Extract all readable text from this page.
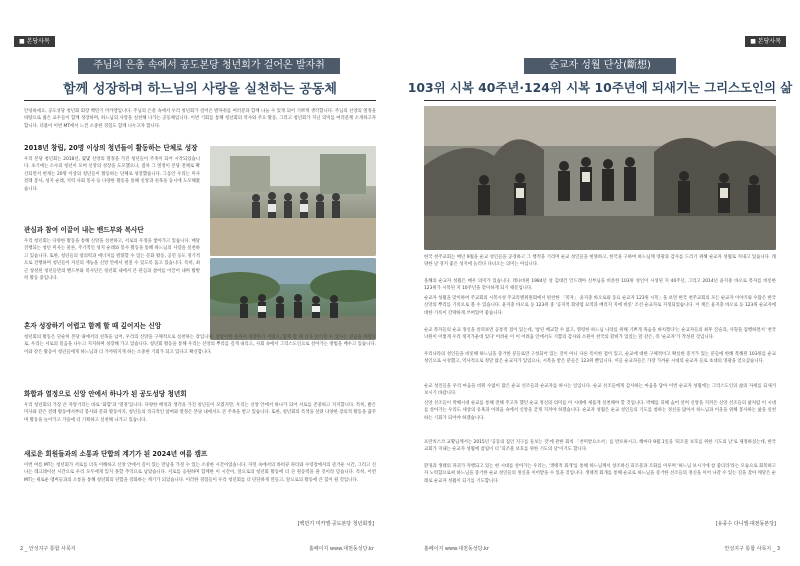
■ 본당사목
주님의 은총 속에서 공도본당 청년회가 걸어온 발자취
함께 성장하며 하느님의 사랑을 실천하는 공동체
안녕하세요, 공도성당 청년회 회장 백민기 미카엘입니다. 주님의 은총 속에서 우리 청년회가 걸어온 발자취를 여러분과 함께 나눌 수 있게 되어 기쁘게 생각합니다. 주님의 신앙의 열정을 바탕으로 젊은 교우들이 함께 성장하며, 하느님의 사랑을 실천해 나가는 공동체입니다. 이번 기회를 통해 청년회의 역사와 주요 활동, 그리고 청년회가 지닌 의미를 여러분께 소개하고자 합니다. 더불어 이번 MT에서 느낀 소중한 경험도 함께 나누고자 합니다.
2018년 창립, 20명 이상의 청년들이 활동하는 단체로 성장
우리 본당 청년회는 2018년, 몇몇 신앙의 열정을 가진 청년들이 주축이 되어 시작되었습니다. 초기에는 소수의 청년이 모여 신앙의 성장을 도모했으나, 점차 그 열정이 본당 전체로 확산되면서 현재는 20명 이상의 청년들이 활동하는 단체로 성장했습니다. 그동안 우리는 미사 전례 봉사, 성지 순례, 지역 사회 봉사 등 다양한 활동을 통해 신앙과 친목을 동시에 도모해왔습니다.
관심과 참여 이끌어 내는 밴드부와 복사단
우리 청년회는 다양한 활동을 통해 신앙을 실천하고, 서로의 우정을 쌓아가고 있습니다. 매달 진행되는 청년 미사는 물론, 주기적인 성지 순례와 봉사 활동을 통해 하느님의 사랑을 실천하고 있습니다. 또한, 청년들의 창의력과 에너지를 발휘할 수 있는 문화 활동, 공연 등도 정기적으로 진행하며 청년들이 자신의 재능을 신앙 안에서 펼칠 수 있도록 돕고 있습니다. 특히, 최근 창설된 청년들만의 밴드부와 복사단은 청년회 내에서 큰 관심과 참여를 이끌어 내며 활발히 활동 중입니다.
혼자 성장하기 어렵고 함께 할 때 깊어지는 신앙
청년회의 활동은 단순히 본당 내에서의 친목을 넘어, 우리의 신앙을 구체적으로 실천하는 장입니다. 신앙이란 혼자서 성장하기 어렵고, 함께 할 때 더욱 깊어질 수 있다는 믿음을 바탕으로, 우리는 서로의 믿음을 나누고 지지하며 성장해 가고 있습니다. 청년회 활동을 통해 우리는 신앙의 뿌리를 깊게 내리고, 사회 속에서 그리스도인으로 살아가는 방법을 배우고 있습니다. 이와 같은 활동이 청년들에게 하느님과 더 가까워지게 하는 소중한 기회가 되고 있다고 확신합니다.
화합과 열정으로 신앙 안에서 하나가 된 공도성당 청년회
우리 청년회의 가장 큰 자랑거리는 바로 '화합'과 '열정'입니다. 다양한 배경과 생각을 가진 청년들이 모였지만, 우리는 신앙 안에서 하나가 되어 서로를 존중하고 지지합니다. 특히, 밝은 미사와 같은 전례 활동에서부터 봉사와 문화 활동까지, 청년들의 적극적인 참여와 열정은 본당 내에서도 큰 주목을 받고 있습니다. 또한, 청년회의 특색을 살려 다양한 장의적 활동을 꿈꾸며 활동을 늘어가고 가을에 더 기획하고 실천해 나가고 있습니다.
새로운 회원들과의 소통과 단합의 계기가 된 2024년 여름 캠프
이번 여름 MT는 청년회가 서로를 더욱 이해하고 신앙 안에서 깊이 있는 만남을 가질 수 있는 소중한 시간이었습니다. 자연 속에서의 바비큐 파티와 수영장에서의 즐거운 시간, 그리고 신나는 레크레이션 시간으로 우리 모두에게 잊지 못할 추억으로 남았습니다. 서로를 응원하며 함께한 이 시간이, 앞으로의 청년회 활동에 더 큰 원동력을 줄 것이라 믿습니다. 특히, 이번 MT는 새로운 멤버들과의 소통을 통해 청년회의 단합을 강화하는 계기가 되었습니다. 이러한 경험들이 우리 청년회를 더 단단하게 만들고, 앞으로의 활동에 큰 힘이 될 것입니다.
[백민기 미카엘·공도본당 청년회장]
2 _ 안성지구 통합 사목지	홈페이지 www.대천동성당.kr
■ 본당사목
순교자 성월 단상(斷想)
103위 시복 40주년·124위 시복 10주년에 되새기는 그리스도인의 삶
한국 천주교회는 매년 9월을 순교 성인들을 공경하고 그 행적을 기리며 순교 성인들을 현양하고, 한국을 구하여 하느님께 영광과 감사를 드리기 위해 순교자 성월로 지내고 있습니다. 래양한 날 경지 좋은 성지에 놀러다 다녀오는 의미는 아닙니다.
올해의 순교자 성월은 매우 의미가 있습니다. 레나비편 1984년 성 김대건 안드레아 신부님을 비롯한 103위 성인이 시성된 지 40주년, 그리고 2014년 윤지충 바오로 복자를 비롯한 123위가 시복된 지 10주년을 맞이하게 되기 때문입니다.
순교자 성월을 맞이하여 주교회의 시복시성 주교특별위원회에서 편찬한 「복자」 윤지충 바오로와 동료 순교자 123위 시복」을 보면 한국 천주교회의 모든 순교자 이야기와 수많은 한국 신앙의 뿌리를 기록으로 볼 수 있습니다. 윤지충 바오로 등 123위 중 '공지적 회양엽 묘역과 배리지 지에 비롯' 조선 순교자로 지정되었습니다. 이 책은 윤지충 바오로 등 123위 순교자에 대한 기록이 간략하게 쓰여있어 좋습니다.
순교 복자들의 순교 정신을 살펴보면 공통적 점이 있는데, '참된 배교할 수 없고, 명령한 하느님 나라를 위해 기쁘게 목숨을 바치겠다'는 순교자들의 최후 진술과, 사형을 집행하면서 '천국 낙원이 이렇게 우리 정지가운데 있다' 어려운 이 이 어려움 안에서도 기쁨의 감사와 소원이 천국의 환희가 있었는 말 같은, 즉 '순교자'가 작성된 것입니다.
우리나라의 성인들을 비롯해 하느님을 증거한 분들로만 구성되어 있는 것이 아니 다른 특이한 점이 있고, 순교에 대한 구체적이고 확실한 증거가 있는 분들에 한해 복해된 103위를 순교 성인으로 시성했고, 역사적으로 정말 많은 순교자가 있었으나, 시복을 받은 분들은 123위 뿐입니다. 이들 순교자들은 가장 가까운 시대의 순교자 들로 초대의 영광을 얻으셨습니다.
순교 성인들을 우리 마음을 비워 수없이 많은 순교 선조들과 순교자를 하시는 일입니다. 순교 선조들에게 감사하는 마음을 담아 이번 순교자 성월에는 그리스도인의 삶의 자세를 되새겨 보시기 바랍니다.
신앙 선조들이 박해시대 순교를 통해 전해 주고자 했던 순교 정신의 의미를 이 시대에 새롭게 실천해야 할 것입니다. 박해를 피해 숨어 살며 신앙을 지켜온 신앙 선조들의 삶처럼 이 시대를 살아가는 우리도 세상의 유혹과 어려움 속에서 신앙을 굳게 지켜야 하겠습니다. 순교자 성월은 순교 성인들의 기도를 청하는 정신을 닮아서 하느님과 이웃을 위해 봉사하는 삶을 실천하는 기회가 되어야 하겠습니다.
프란치스코 교황님께서는 2015년 '공동의 집인 지구를 돌보는 것'에 관한 회칙 「찬미받으소서」를 반포하시고, 해마다 9월 1일을 '피조물 보호를 위한 기도의 날'로 제정하셨는데, 한국 교회가 지내는 순교자 성월에 참됨이 더 '피조물 보호를 위한 기도의 날'이기도 합니다.
환경과 생태의 파괴가 자행되고 있는 현 시대를 살아가는 우리는, '생태적 회개'를 통해 하느님께서 창조하신 피조물과 조화를 이루며 '하느님 보시기에 참 좋더라'라는 모습으로 회복하고자 노력함으로써 하느님을 증거한 순교 성인들의 정신을 이어받을 수 있을 것입니다. 생태적 회개를 통해 순교로 하느님을 증거한 선조들의 정신을 이어 나갈 수 있는 길을 찾아 깨달은 순례로 순교자 성월이 되기를 기도합니다.
[유종수 다니엘·대천동본당]
홈페이지 www.대천동성당.kr	안성지구 통합 사목지 _ 3
